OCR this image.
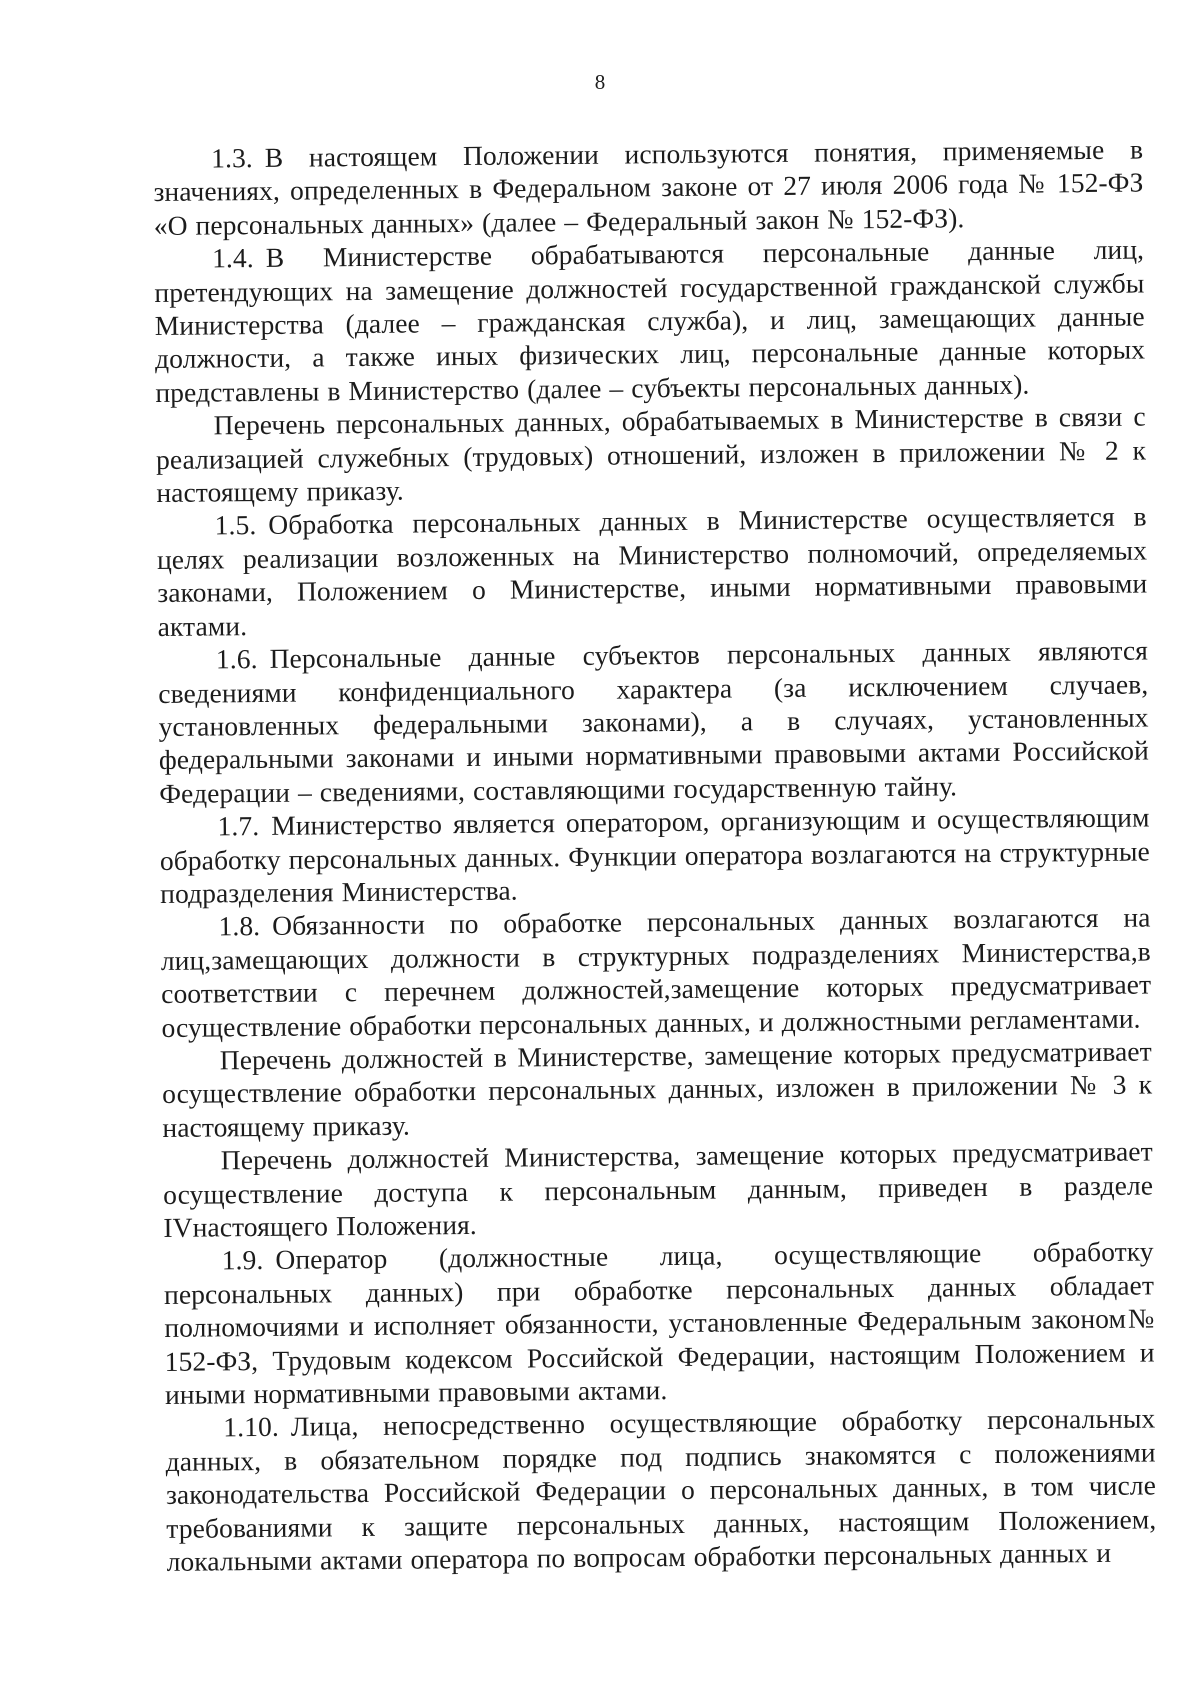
8

1.3. В настоящем Положении используются понятия, применяемые в значениях, определенных в Федеральном законе от 27 июля 2006 года № 152-ФЗ «О персональных данных» (далее – Федеральный закон № 152-ФЗ).

1.4. В Министерстве обрабатываются персональные данные лиц, претендующих на замещение должностей государственной гражданской службы Министерства (далее – гражданская служба), и лиц, замещающих данные должности, а также иных физических лиц, персональные данные которых представлены в Министерство (далее – субъекты персональных данных).

Перечень персональных данных, обрабатываемых в Министерстве в связи с реализацией служебных (трудовых) отношений, изложен в приложении № 2 к настоящему приказу.

1.5. Обработка персональных данных в Министерстве осуществляется в целях реализации возложенных на Министерство полномочий, определяемых законами, Положением о Министерстве, иными нормативными правовыми актами.

1.6. Персональные данные субъектов персональных данных являются сведениями конфиденциального характера (за исключением случаев, установленных федеральными законами), а в случаях, установленных федеральными законами и иными нормативными правовыми актами Российской Федерации – сведениями, составляющими государственную тайну.

1.7. Министерство является оператором, организующим и осуществляющим обработку персональных данных. Функции оператора возлагаются на структурные подразделения Министерства.

1.8. Обязанности по обработке персональных данных возлагаются на лиц,замещающих должности в структурных подразделениях Министерства,в соответствии с перечнем должностей,замещение которых предусматривает осуществление обработки персональных данных, и должностными регламентами.

Перечень должностей в Министерстве, замещение которых предусматривает осуществление обработки персональных данных, изложен в приложении № 3 к настоящему приказу.

Перечень должностей Министерства, замещение которых предусматривает осуществление доступа к персональным данным, приведен в разделе IVнастоящего Положения.

1.9. Оператор (должностные лица, осуществляющие обработку персональных данных) при обработке персональных данных обладает полномочиями и исполняет обязанности, установленные Федеральным законом№ 152-ФЗ, Трудовым кодексом Российской Федерации, настоящим Положением и иными нормативными правовыми актами.

1.10. Лица, непосредственно осуществляющие обработку персональных данных, в обязательном порядке под подпись знакомятся с положениями законодательства Российской Федерации о персональных данных, в том числе требованиями к защите персональных данных, настоящим Положением, локальными актами оператора по вопросам обработки персональных данных и
